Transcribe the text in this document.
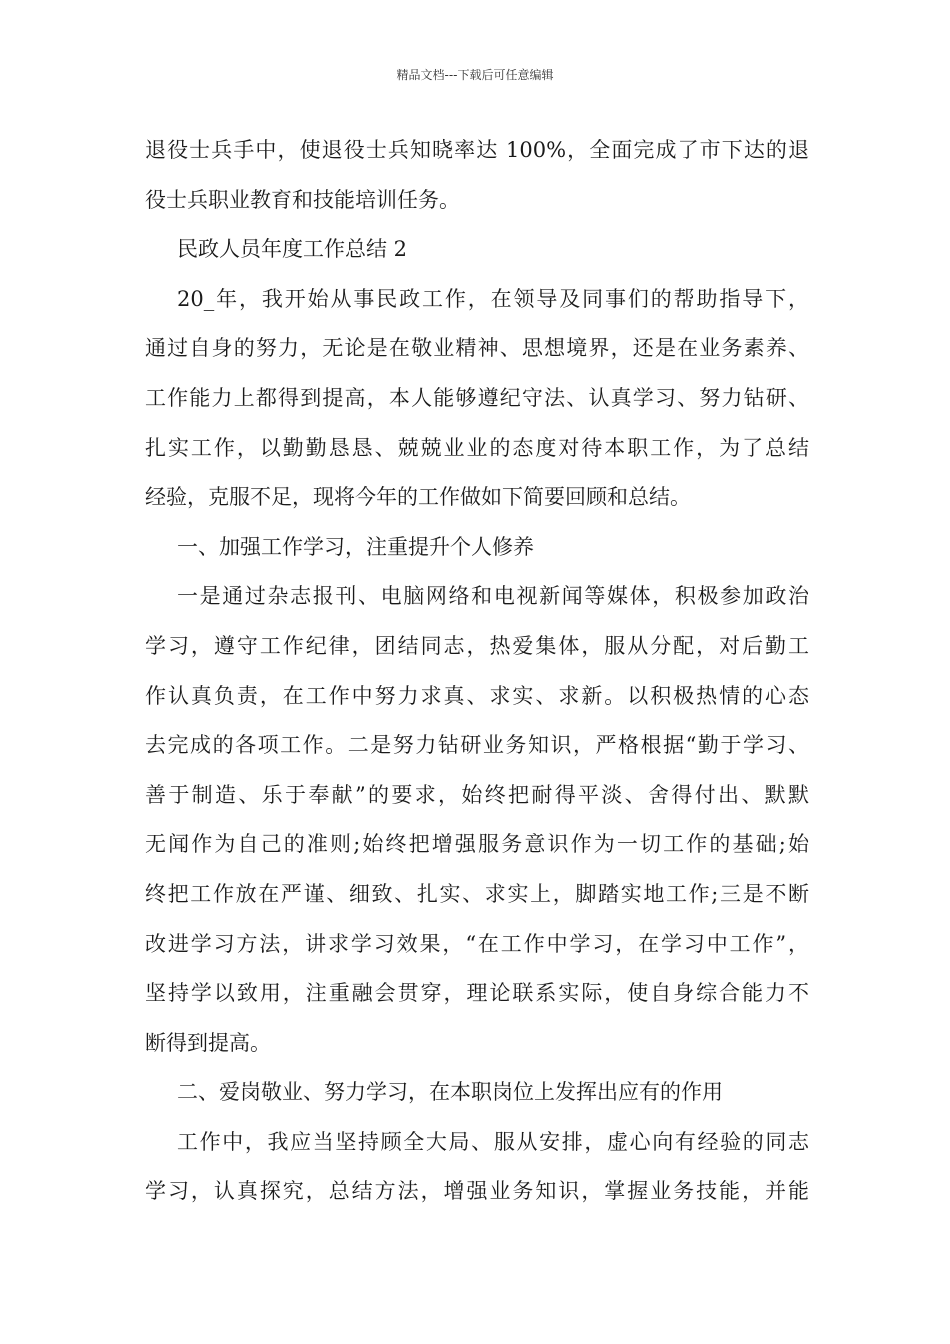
精品文档---下载后可任意编辑
退役士兵手中，使退役士兵知晓率达 100%，全面完成了市下达的退
役士兵职业教育和技能培训任务。
民政人员年度工作总结 2
20_年，我开始从事民政工作，在领导及同事们的帮助指导下，
通过自身的努力，无论是在敬业精神、思想境界，还是在业务素养、
工作能力上都得到提高，本人能够遵纪守法、认真学习、努力钻研、
扎实工作，以勤勤恳恳、兢兢业业的态度对待本职工作，为了总结
经验，克服不足，现将今年的工作做如下简要回顾和总结。
一、加强工作学习，注重提升个人修养
一是通过杂志报刊、电脑网络和电视新闻等媒体，积极参加政治
学习，遵守工作纪律，团结同志，热爱集体，服从分配，对后勤工
作认真负责，在工作中努力求真、求实、求新。以积极热情的心态
去完成的各项工作。二是努力钻研业务知识，严格根据“勤于学习、
善于制造、乐于奉献”的要求，始终把耐得平淡、舍得付出、默默
无闻作为自己的准则;始终把增强服务意识作为一切工作的基础;始
终把工作放在严谨、细致、扎实、求实上，脚踏实地工作;三是不断
改进学习方法，讲求学习效果，“在工作中学习，在学习中工作”，
坚持学以致用，注重融会贯穿，理论联系实际，使自身综合能力不
断得到提高。
二、爱岗敬业、努力学习，在本职岗位上发挥出应有的作用
工作中，我应当坚持顾全大局、服从安排，虚心向有经验的同志
学习，认真探究，总结方法，增强业务知识，掌握业务技能，并能
